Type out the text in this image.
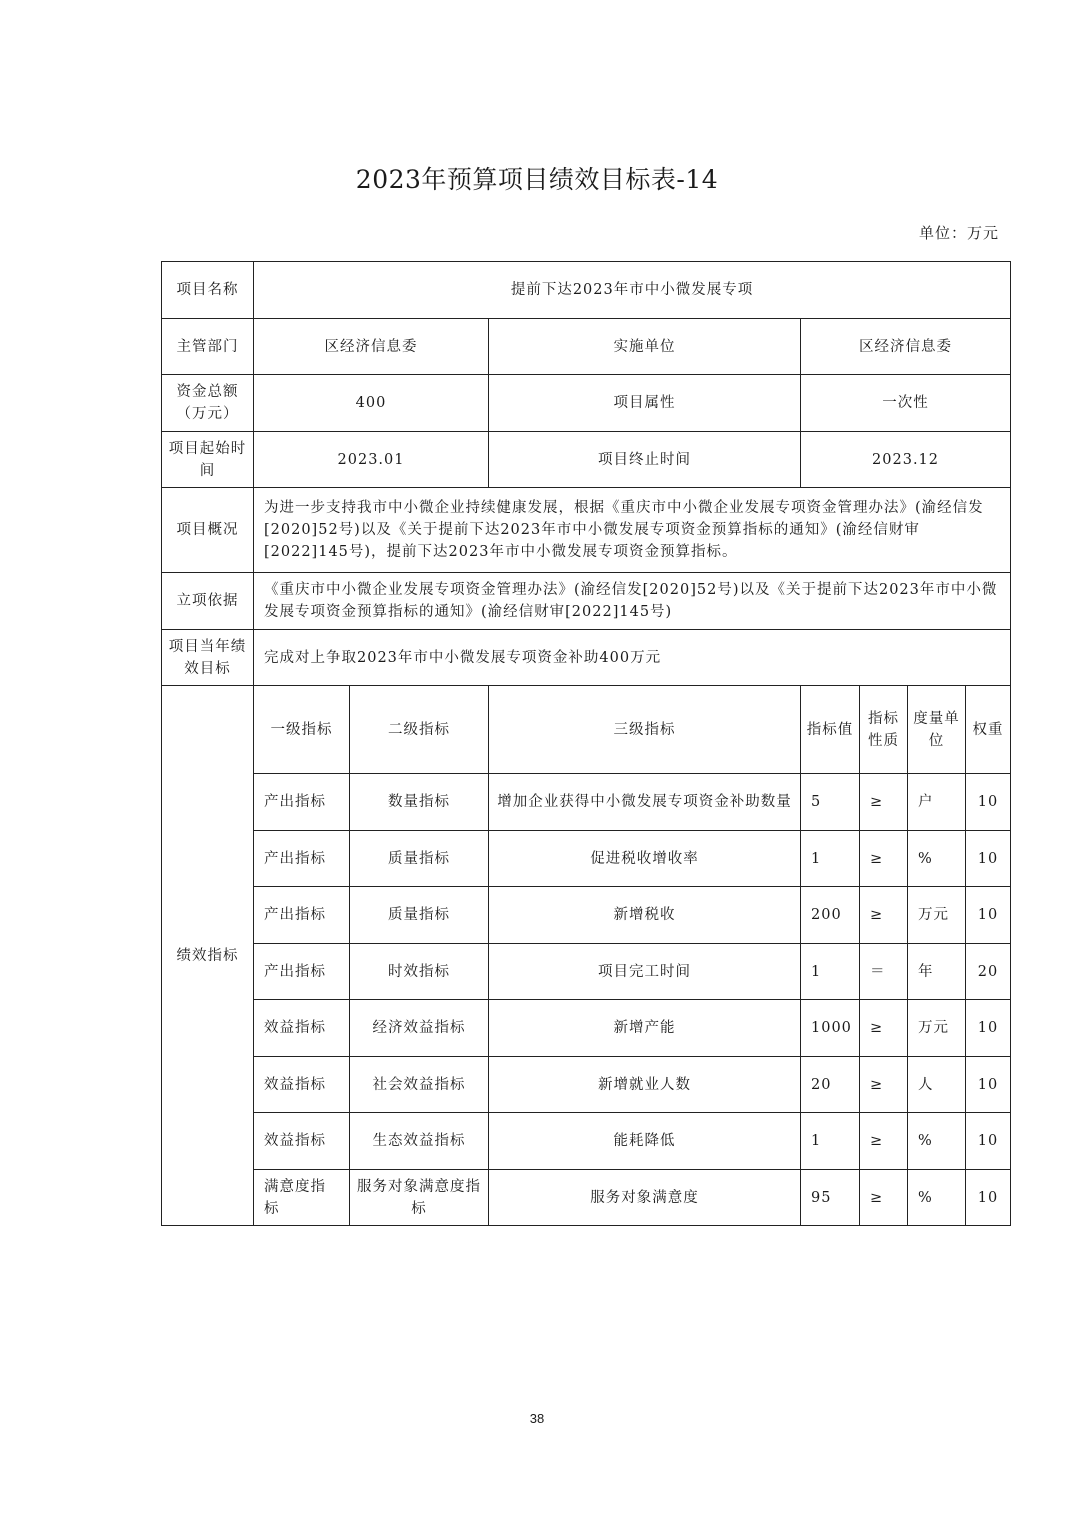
2023年预算项目绩效目标表-14
单位：万元
项目名称	提前下达2023年市中小微发展专项						
主管部门	区经济信息委		实施单位	区经济信息委			
资金总额（万元）	400		项目属性	一次性			
项目起始时间	2023.01		项目终止时间	2023.12			
项目概况	为进一步支持我市中小微企业持续健康发展，根据《重庆市中小微企业发展专项资金管理办法》(渝经信发[2020]52号)以及《关于提前下达2023年市中小微发展专项资金预算指标的通知》(渝经信财审[2022]145号)，提前下达2023年市中小微发展专项资金预算指标。						
立项依据	《重庆市中小微企业发展专项资金管理办法》(渝经信发[2020]52号)以及《关于提前下达2023年市中小微发展专项资金预算指标的通知》(渝经信财审[2022]145号)						
项目当年绩效目标	完成对上争取2023年市中小微发展专项资金补助400万元						
绩效指标	一级指标	二级指标	三级指标	指标值	指标性质	度量单位	权重
	产出指标	数量指标	增加企业获得中小微发展专项资金补助数量	5	≥	户	10
	产出指标	质量指标	促进税收增收率	1	≥	%	10
	产出指标	质量指标	新增税收	200	≥	万元	10
	产出指标	时效指标	项目完工时间	1	＝	年	20
	效益指标	经济效益指标	新增产能	1000	≥	万元	10
	效益指标	社会效益指标	新增就业人数	20	≥	人	10
	效益指标	生态效益指标	能耗降低	1	≥	%	10
	满意度指标	服务对象满意度指标	服务对象满意度	95	≥	%	10
38
